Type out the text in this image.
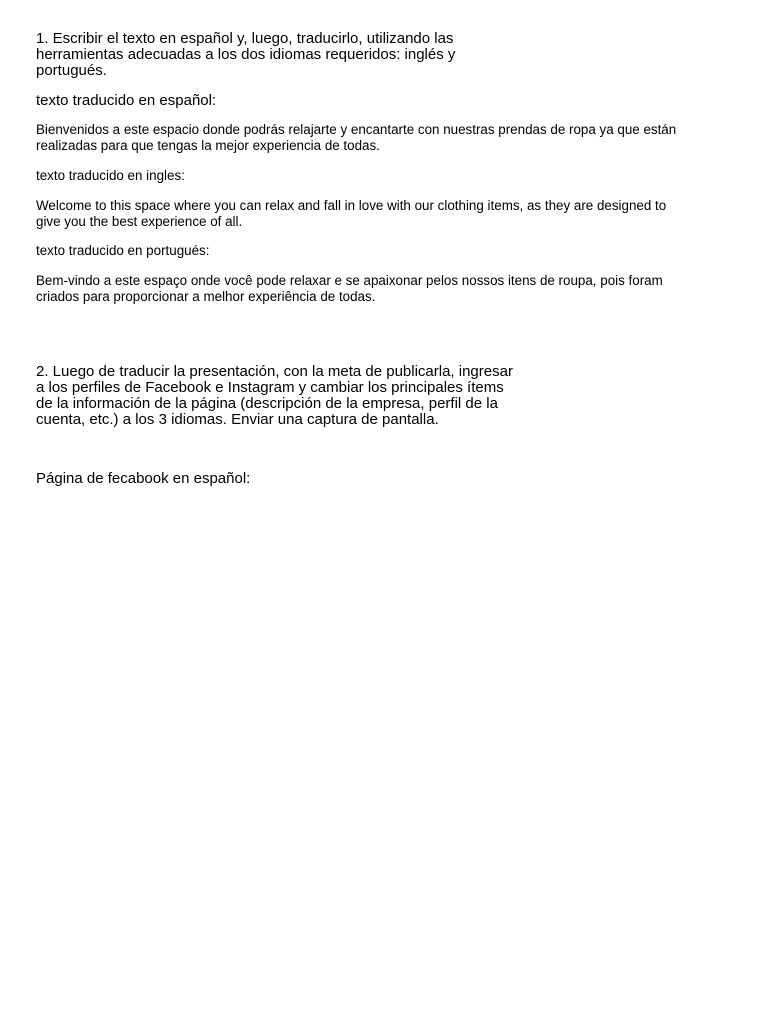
1. Escribir el texto en español y, luego, traducirlo, utilizando las
herramientas adecuadas a los dos idiomas requeridos: inglés y
portugués.
texto traducido en español:
Bienvenidos a este espacio donde podrás relajarte y encantarte con nuestras prendas de ropa ya que están
realizadas para que tengas la mejor experiencia de todas.
texto traducido en ingles:
Welcome to this space where you can relax and fall in love with our clothing items, as they are designed to
give you the best experience of all.
texto traducido en portugués:
Bem-vindo a este espaço onde você pode relaxar e se apaixonar pelos nossos itens de roupa, pois foram
criados para proporcionar a melhor experiência de todas.
2. Luego de traducir la presentación, con la meta de publicarla, ingresar
a los perfiles de Facebook e Instagram y cambiar los principales ítems
de la información de la página (descripción de la empresa, perfil de la
cuenta, etc.) a los 3 idiomas. Enviar una captura de pantalla.
Página de fecabook en español:
